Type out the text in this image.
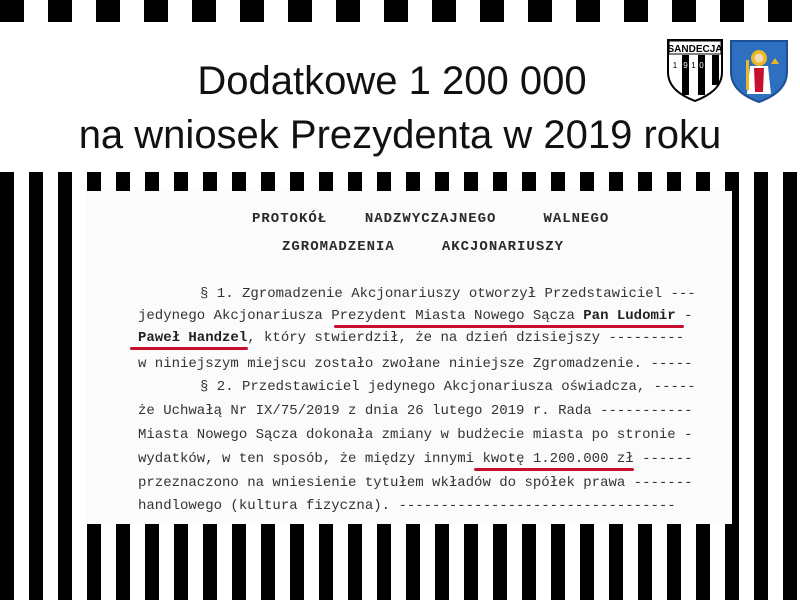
Dodatkowe 1 200 000
na wniosek Prezydenta w 2019 roku
SANDECJA
1 9 1 0
PROTOKÓŁ    NADZWYCZAJNEGO     WALNEGO
ZGROMADZENIA     AKCJONARIUSZY
§ 1. Zgromadzenie Akcjonariuszy otworzył Przedstawiciel ---
jedynego Akcjonariusza Prezydent Miasta Nowego Sącza Pan Ludomir -
Paweł Handzel, który stwierdził, że na dzień dzisiejszy ---------
w niniejszym miejscu zostało zwołane niniejsze Zgromadzenie. -----
§ 2. Przedstawiciel jedynego Akcjonariusza oświadcza, -----
że Uchwałą Nr IX/75/2019 z dnia 26 lutego 2019 r. Rada -----------
Miasta Nowego Sącza dokonała zmiany w budżecie miasta po stronie -
wydatków, w ten sposób, że między innymi kwotę 1.200.000 zł ------
przeznaczono na wniesienie tytułem wkładów do spółek prawa -------
handlowego (kultura fizyczna). ---------------------------------
